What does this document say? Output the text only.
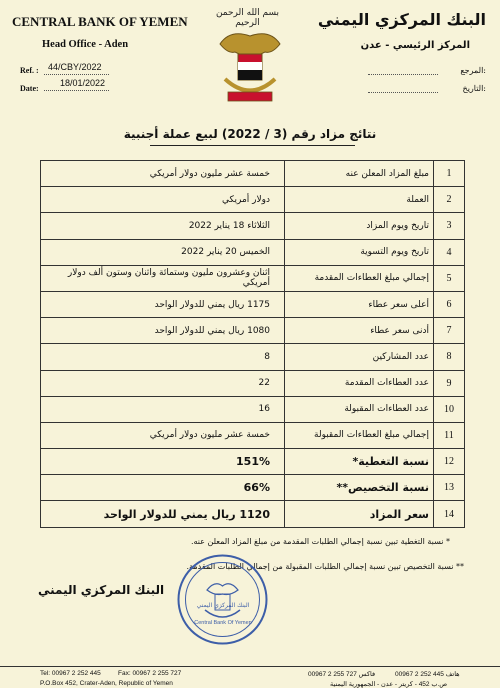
CENTRAL BANK OF YEMEN
Head Office - Aden
Ref. : 44/CBY/2022
Date:
18/01/2022
بسم الله الرحمن الرحيم	البنك المركزي اليمني
المركز الرئيسي - عدن
المرجع:
التاريخ:
نتائج مزاد رقم (3 / 2022) لبيع عملة أجنبية
1	مبلغ المزاد المعلن عنه	خمسة عشر مليون دولار أمريكي
2	العملة	دولار أمريكي
3	تاريخ ويوم المزاد	الثلاثاء 18 يناير 2022
4	تاريخ ويوم التسوية	الخميس 20 يناير 2022
5	إجمالي مبلغ العطاءات المقدمة	اثنان وعشرون مليون وستمائة واثنان وستون ألف دولار أمريكي
6	أعلى سعر عطاء	1175 ريال يمني للدولار الواحد
7	أدنى سعر عطاء	1080 ريال يمني للدولار الواحد
8	عدد المشاركين	8
9	عدد العطاءات المقدمة	22
10	عدد العطاءات المقبولة	16
11	إجمالي مبلغ العطاءات المقبولة	خمسة عشر مليون دولار أمريكي
12	نسبة التغطية*	151%
13	نسبة التخصيص**	66%
14	سعر المزاد	1120 ريال يمني للدولار الواحد
* نسبة التغطية تبين نسبة إجمالي الطلبات المقدمة من مبلغ المزاد المعلن عنه.
** نسبة التخصيص تبين نسبة إجمالي الطلبات المقبولة من إجمالي الطلبات المقدمة.
البنك المركزي اليمني
Central Bank Of Yemen
البنك المركزي اليمني
Tel: 00967 2 252 445	Fax: 00967 2 255 727	فاكس 727 255 2 00967	هاتف 445 252 2 00967
P.O.Box 452, Crater-Aden, Republic of Yemen	ص.ب 452 - كريتر - عدن - الجمهورية اليمنية
